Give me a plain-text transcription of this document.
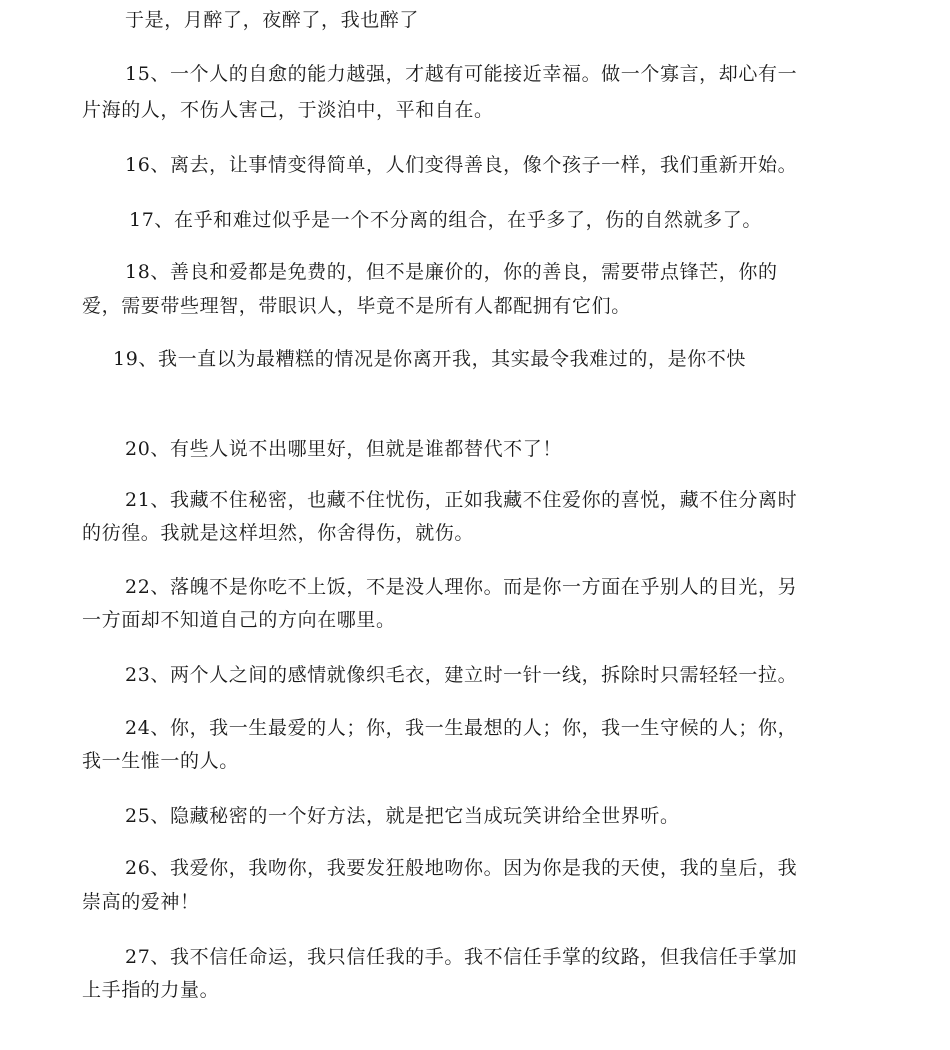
于是，月醉了，夜醉了，我也醉了
15、一个人的自愈的能力越强，才越有可能接近幸福。做一个寡言，却心有一
片海的人，不伤人害己，于淡泊中，平和自在。
16、离去，让事情变得简单，人们变得善良，像个孩子一样，我们重新开始。
17、在乎和难过似乎是一个不分离的组合，在乎多了，伤的自然就多了。
18、善良和爱都是免费的，但不是廉价的，你的善良，需要带点锋芒，你的
爱，需要带些理智，带眼识人，毕竟不是所有人都配拥有它们。
19、我一直以为最糟糕的情况是你离开我，其实最令我难过的，是你不快
20、有些人说不出哪里好，但就是谁都替代不了！
21、我藏不住秘密，也藏不住忧伤，正如我藏不住爱你的喜悦，藏不住分离时
的彷徨。我就是这样坦然，你舍得伤，就伤。
22、落魄不是你吃不上饭，不是没人理你。而是你一方面在乎别人的目光，另
一方面却不知道自己的方向在哪里。
23、两个人之间的感情就像织毛衣，建立时一针一线，拆除时只需轻轻一拉。
24、你，我一生最爱的人；你，我一生最想的人；你，我一生守候的人；你，
我一生惟一的人。
25、隐藏秘密的一个好方法，就是把它当成玩笑讲给全世界听。
26、我爱你，我吻你，我要发狂般地吻你。因为你是我的天使，我的皇后，我
崇高的爱神！
27、我不信任命运，我只信任我的手。我不信任手掌的纹路，但我信任手掌加
上手指的力量。
